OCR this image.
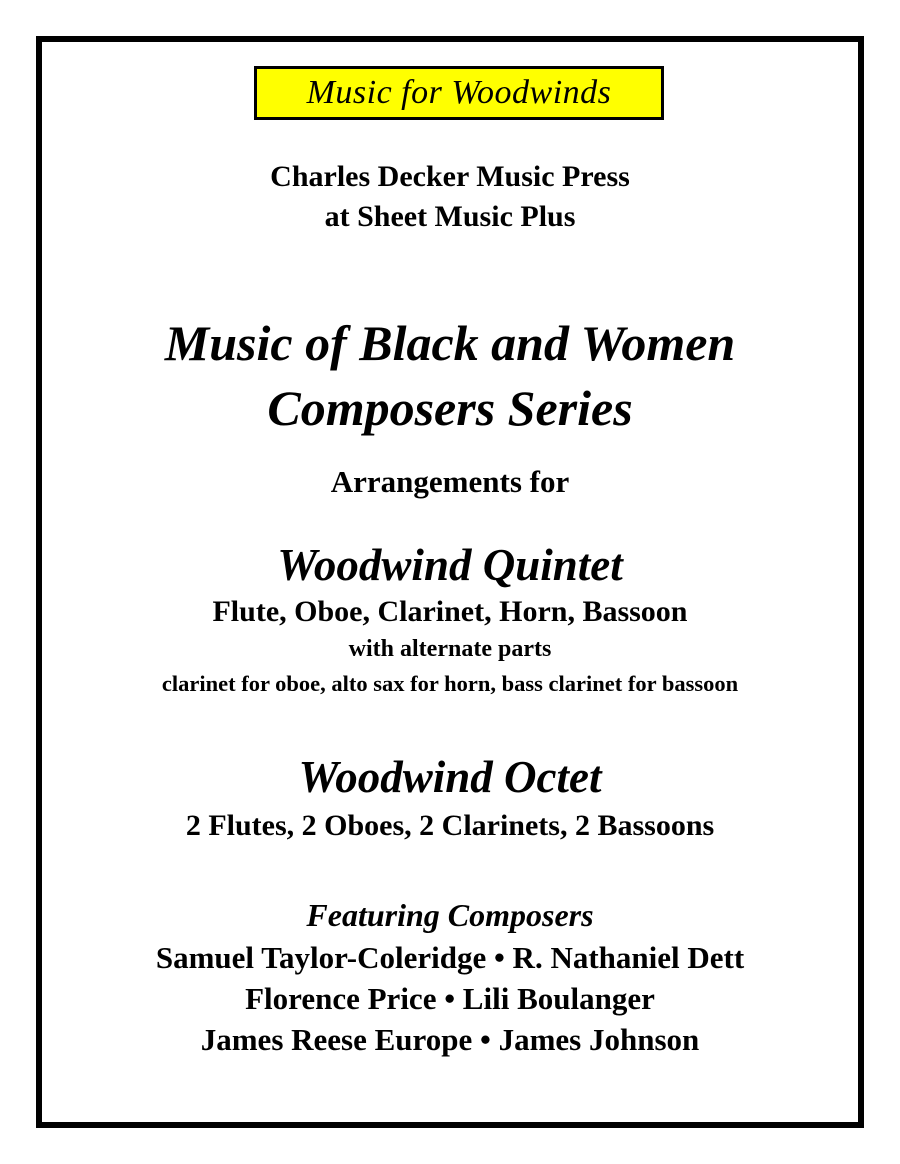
Music for Woodwinds
Charles Decker Music Press
at Sheet Music Plus
Music of Black and Women
Composers Series
Arrangements for
Woodwind Quintet
Flute, Oboe, Clarinet, Horn, Bassoon
with alternate parts
clarinet for oboe, alto sax for horn, bass clarinet for bassoon
Woodwind Octet
2 Flutes, 2 Oboes, 2 Clarinets, 2 Bassoons
Featuring Composers
Samuel Taylor-Coleridge • R. Nathaniel Dett
Florence Price • Lili Boulanger
James Reese Europe • James Johnson
